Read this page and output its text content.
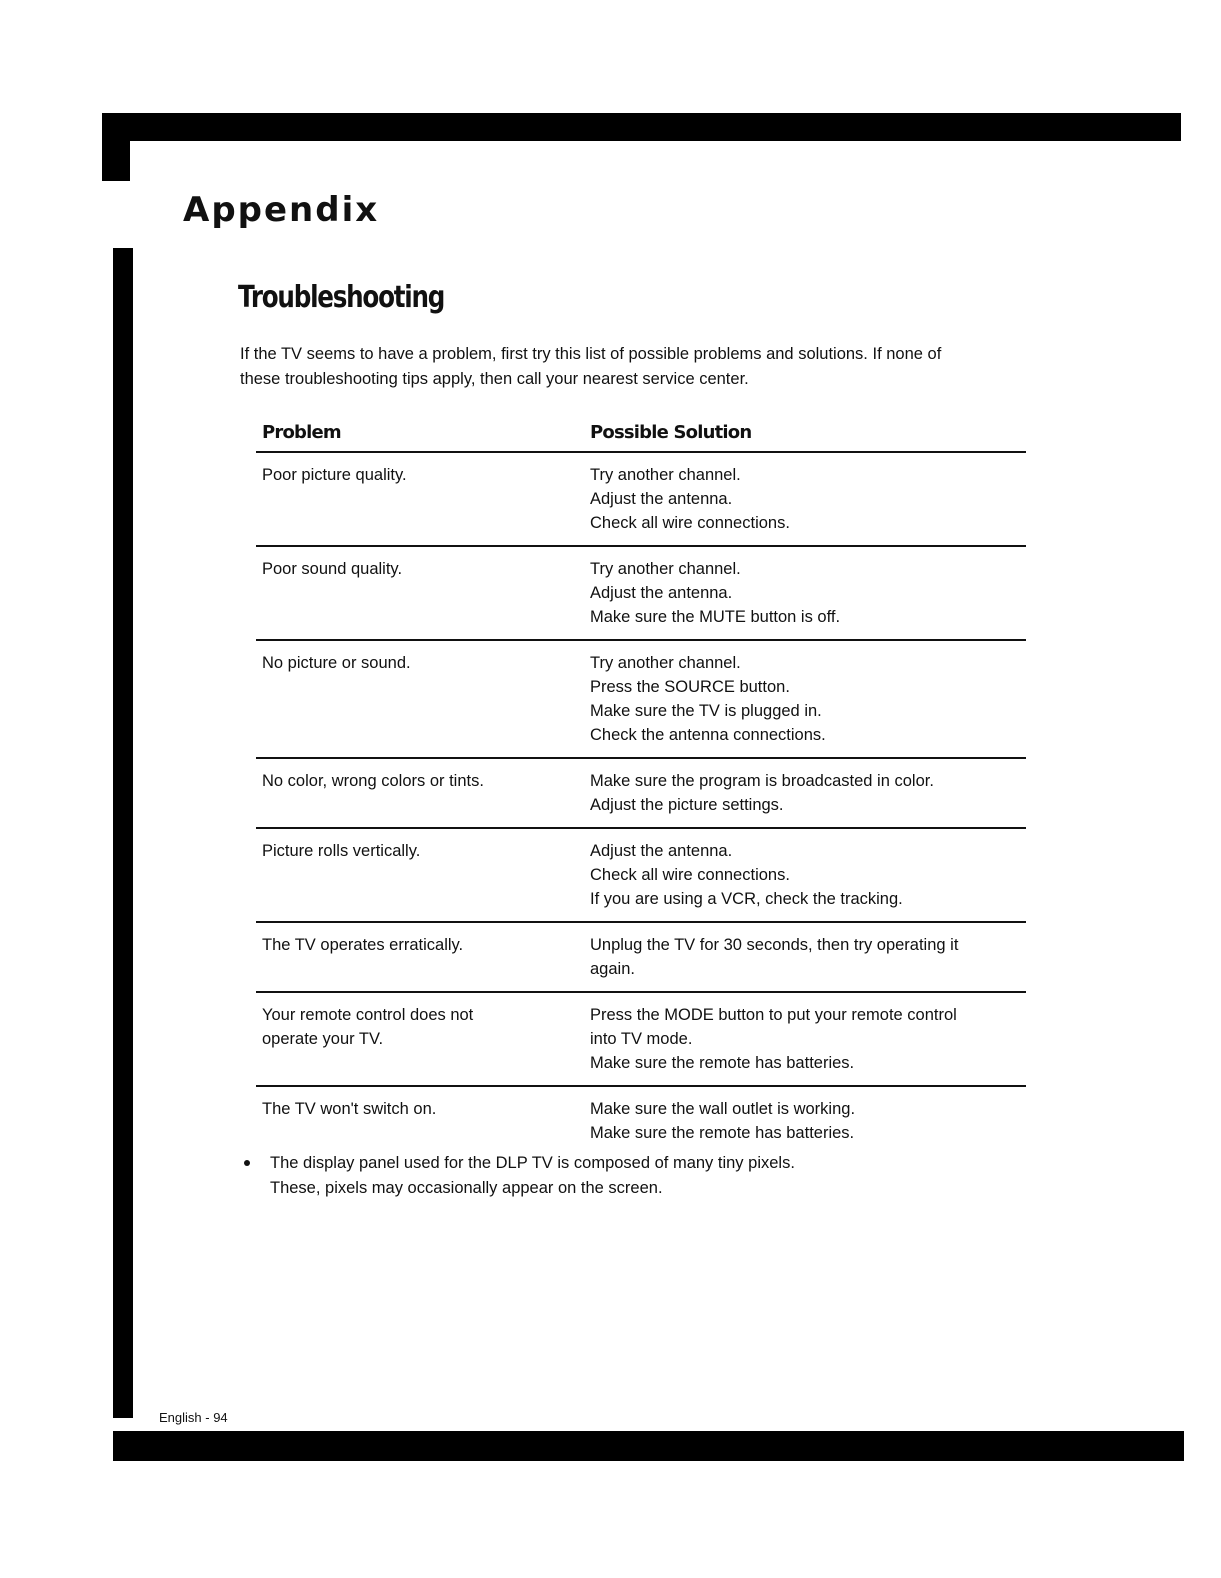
Appendix
Troubleshooting

If the TV seems to have a problem, first try this list of possible problems and solutions. If none of
these troubleshooting tips apply, then call your nearest service center.

Problem	Possible Solution

Poor picture quality.	Try another channel.
Adjust the antenna.
Check all wire connections.

Poor sound quality.	Try another channel.
Adjust the antenna.
Make sure the MUTE button is off.

No picture or sound.	Try another channel.
Press the SOURCE button.
Make sure the TV is plugged in.
Check the antenna connections.

No color, wrong colors or tints.	Make sure the program is broadcasted in color.
Adjust the picture settings.

Picture rolls vertically.	Adjust the antenna.
Check all wire connections.
If you are using a VCR, check the tracking.

The TV operates erratically.	Unplug the TV for 30 seconds, then try operating it
again.

Your remote control does not
operate your TV.	Press the MODE button to put your remote control
into TV mode.
Make sure the remote has batteries.

The TV won't switch on.	Make sure the wall outlet is working.
Make sure the remote has batteries.
The display panel used for the DLP TV is composed of many tiny pixels.
These, pixels may occasionally appear on the screen.
English - 94
